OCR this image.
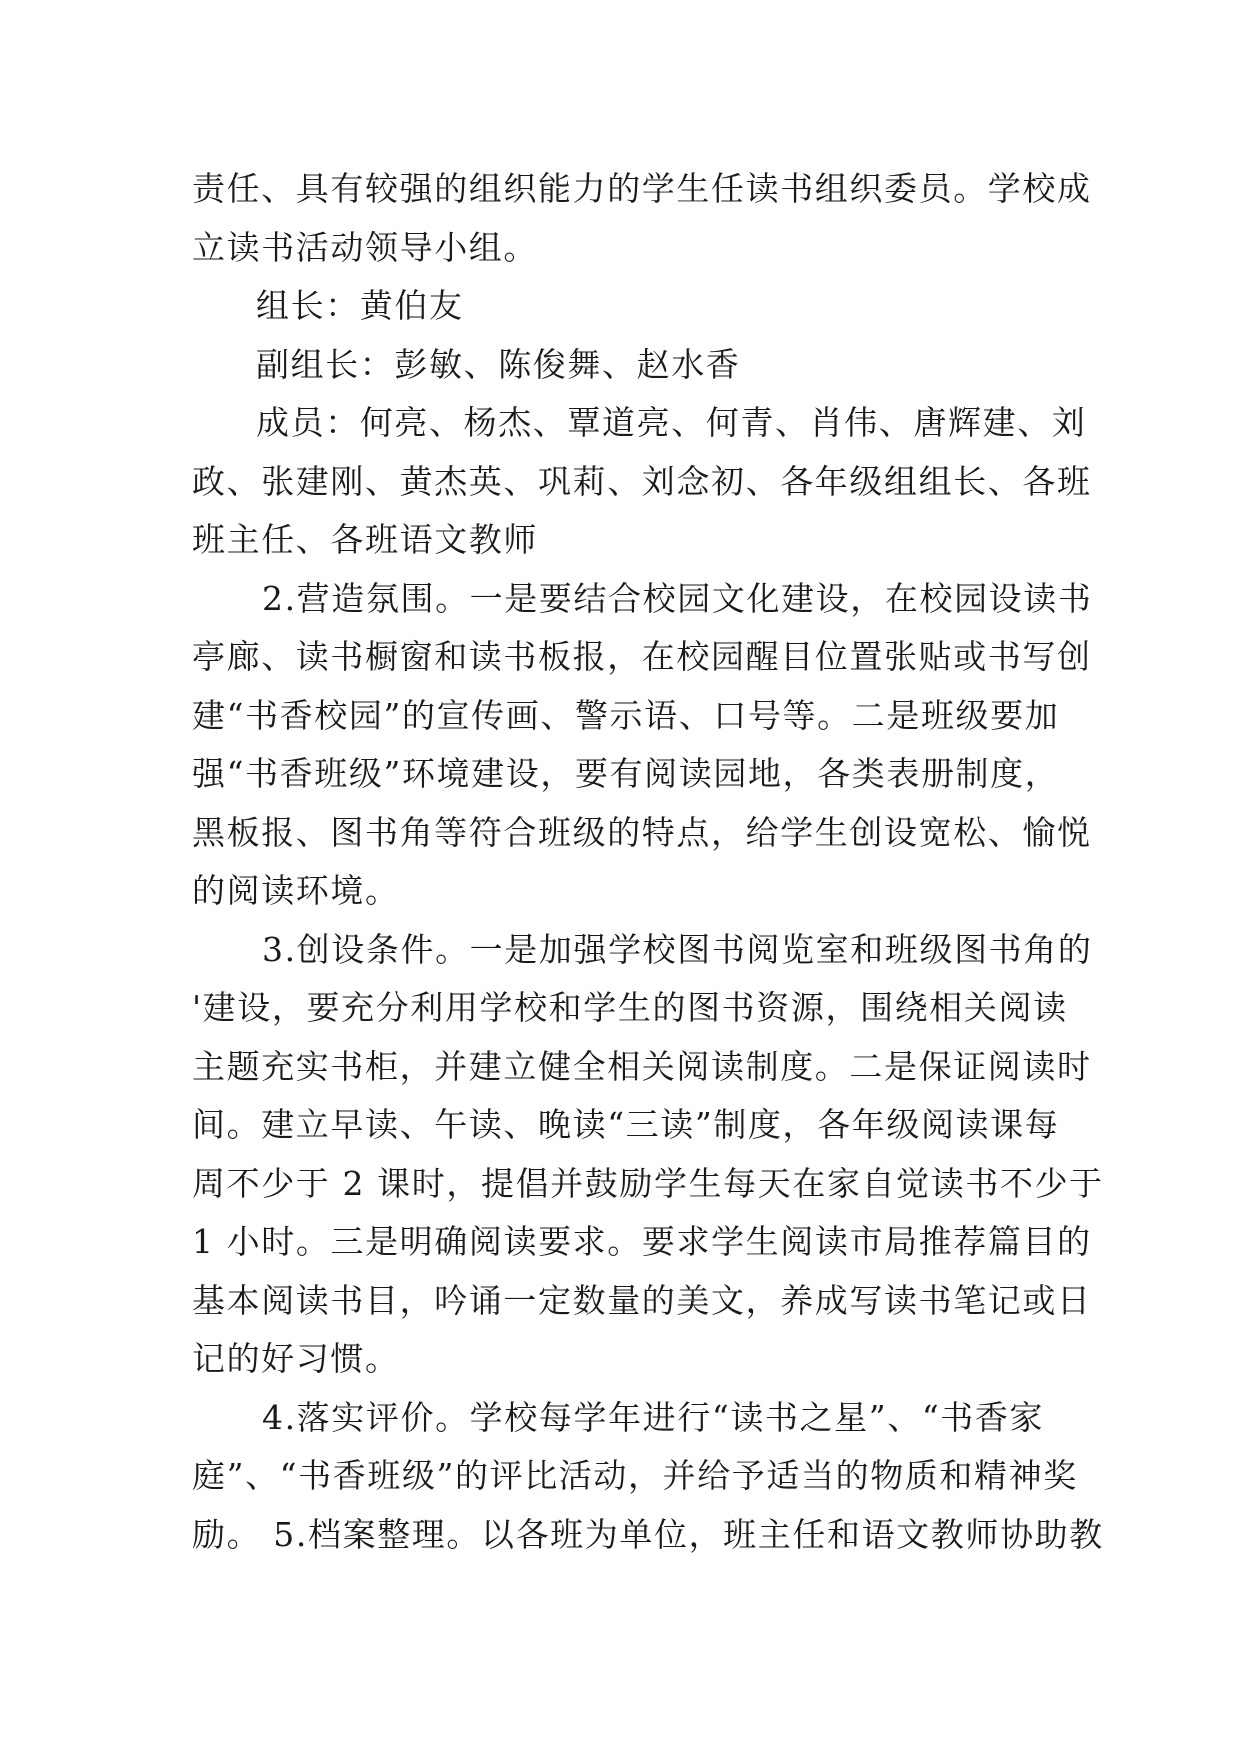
责任、具有较强的组织能力的学生任读书组织委员。学校成
立读书活动领导小组。
组长：黄伯友
副组长：彭敏、陈俊舞、赵水香
成员：何亮、杨杰、覃道亮、何青、肖伟、唐辉建、刘
政、张建刚、黄杰英、巩莉、刘念初、各年级组组长、各班
班主任、各班语文教师
2.营造氛围。一是要结合校园文化建设，在校园设读书
亭廊、读书橱窗和读书板报，在校园醒目位置张贴或书写创
建“书香校园”的宣传画、警示语、口号等。二是班级要加
强“书香班级”环境建设，要有阅读园地，各类表册制度，
黑板报、图书角等符合班级的特点，给学生创设宽松、愉悦
的阅读环境。
3.创设条件。一是加强学校图书阅览室和班级图书角的
'建设，要充分利用学校和学生的图书资源，围绕相关阅读
主题充实书柜，并建立健全相关阅读制度。二是保证阅读时
间。建立早读、午读、晚读“三读”制度，各年级阅读课每
周不少于 2 课时，提倡并鼓励学生每天在家自觉读书不少于
1 小时。三是明确阅读要求。要求学生阅读市局推荐篇目的
基本阅读书目，吟诵一定数量的美文，养成写读书笔记或日
记的好习惯。
4.落实评价。学校每学年进行“读书之星”、“书香家
庭”、“书香班级”的评比活动，并给予适当的物质和精神奖
励。 5.档案整理。以各班为单位，班主任和语文教师协助教
